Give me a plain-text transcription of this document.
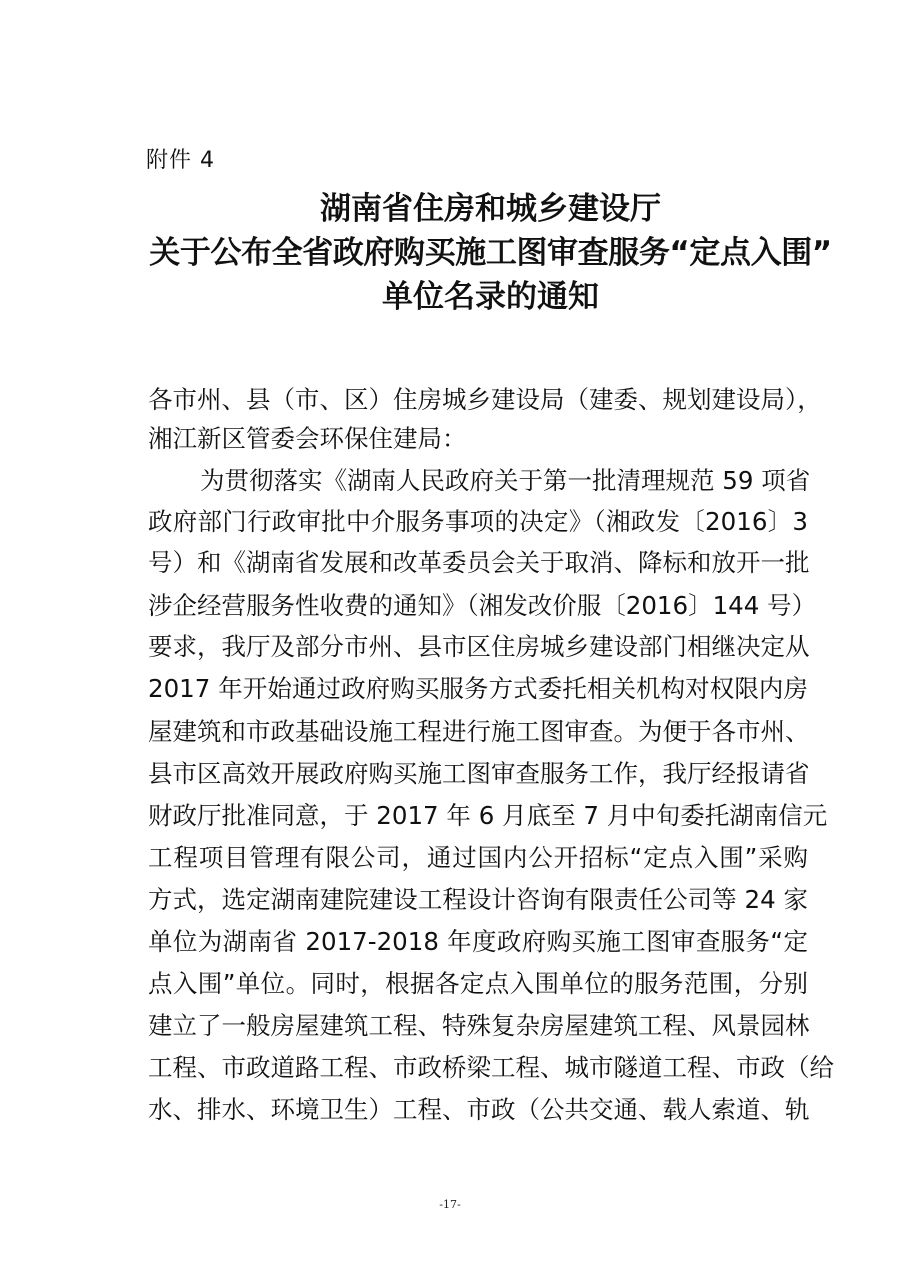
附件 4
湖南省住房和城乡建设厅
关于公布全省政府购买施工图审查服务“定点入围”
单位名录的通知
各市州、县（市、区）住房城乡建设局（建委、规划建设局），
湘江新区管委会环保住建局：
为贯彻落实《湖南人民政府关于第一批清理规范 59 项省
政府部门行政审批中介服务事项的决定》（湘政发〔2016〕3
号）和《湖南省发展和改革委员会关于取消、降标和放开一批
涉企经营服务性收费的通知》（湘发改价服〔2016〕144 号）
要求，我厅及部分市州、县市区住房城乡建设部门相继决定从
2017 年开始通过政府购买服务方式委托相关机构对权限内房
屋建筑和市政基础设施工程进行施工图审查。为便于各市州、
县市区高效开展政府购买施工图审查服务工作，我厅经报请省
财政厅批准同意，于 2017 年 6 月底至 7 月中旬委托湖南信元
工程项目管理有限公司，通过国内公开招标“定点入围”采购
方式，选定湖南建院建设工程设计咨询有限责任公司等 24 家
单位为湖南省 2017-2018 年度政府购买施工图审查服务“定
点入围”单位。同时，根据各定点入围单位的服务范围，分别
建立了一般房屋建筑工程、特殊复杂房屋建筑工程、风景园林
工程、市政道路工程、市政桥梁工程、城市隧道工程、市政（给
水、排水、环境卫生）工程、市政（公共交通、载人索道、轨
-17-
